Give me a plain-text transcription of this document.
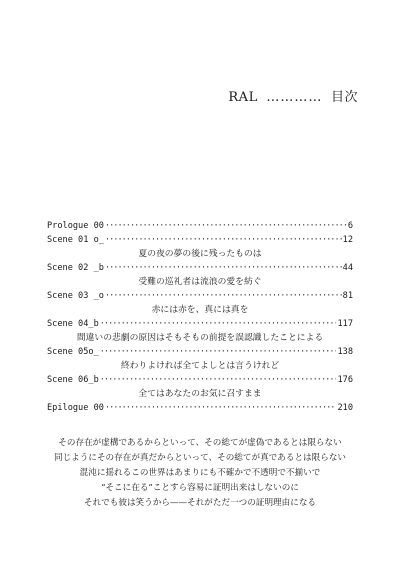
RAL ………… 目次
Prologue 00 ·····	6
Scene 01 o_ ·····	12
夏の夜の夢の後に残ったものは
Scene 02 _b ·····	44
受難の巡礼者は流浪の愛を紡ぐ
Scene 03 _o ·····	81
赤には赤を、真には真を
Scene 04_b ·····	117
間違いの悲劇の原因はそもそもの前提を誤認識したことによる
Scene 05o_ ·····	138
終わりよければ全てよしとは言うけれど
Scene 06_b ·····	176
全てはあなたのお気に召すまま
Epilogue 00 ·····	210
その存在が虚構であるからといって、その総てが虚偽であるとは限らない
同じようにその存在が真だからといって、その総てが真であるとは限らない
混沌に揺れるこの世界はあまりにも不確かで不透明で不揃いで
“そこに在る”ことすら容易に証明出来はしないのに
それでも彼は笑うから——それがただ一つの証明理由になる
